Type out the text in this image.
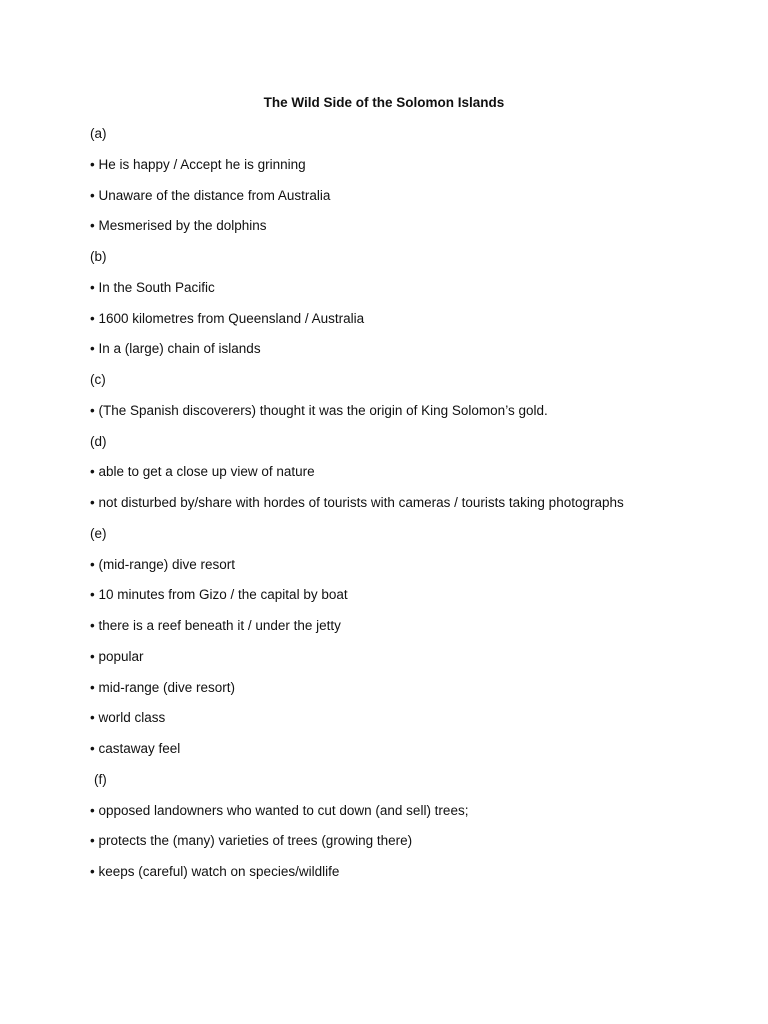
The Wild Side of the Solomon Islands
(a)
• He is happy / Accept he is grinning
• Unaware of the distance from Australia
• Mesmerised by the dolphins
(b)
• In the South Pacific
• 1600 kilometres from Queensland / Australia
• In a (large) chain of islands
(c)
• (The Spanish discoverers) thought it was the origin of King Solomon’s gold.
(d)
• able to get a close up view of nature
• not disturbed by/share with hordes of tourists with cameras / tourists taking photographs
(e)
• (mid-range) dive resort
• 10 minutes from Gizo / the capital by boat
• there is a reef beneath it / under the jetty
• popular
• mid-range (dive resort)
• world class
• castaway feel
(f)
• opposed landowners who wanted to cut down (and sell) trees;
• protects the (many) varieties of trees (growing there)
• keeps (careful) watch on species/wildlife
